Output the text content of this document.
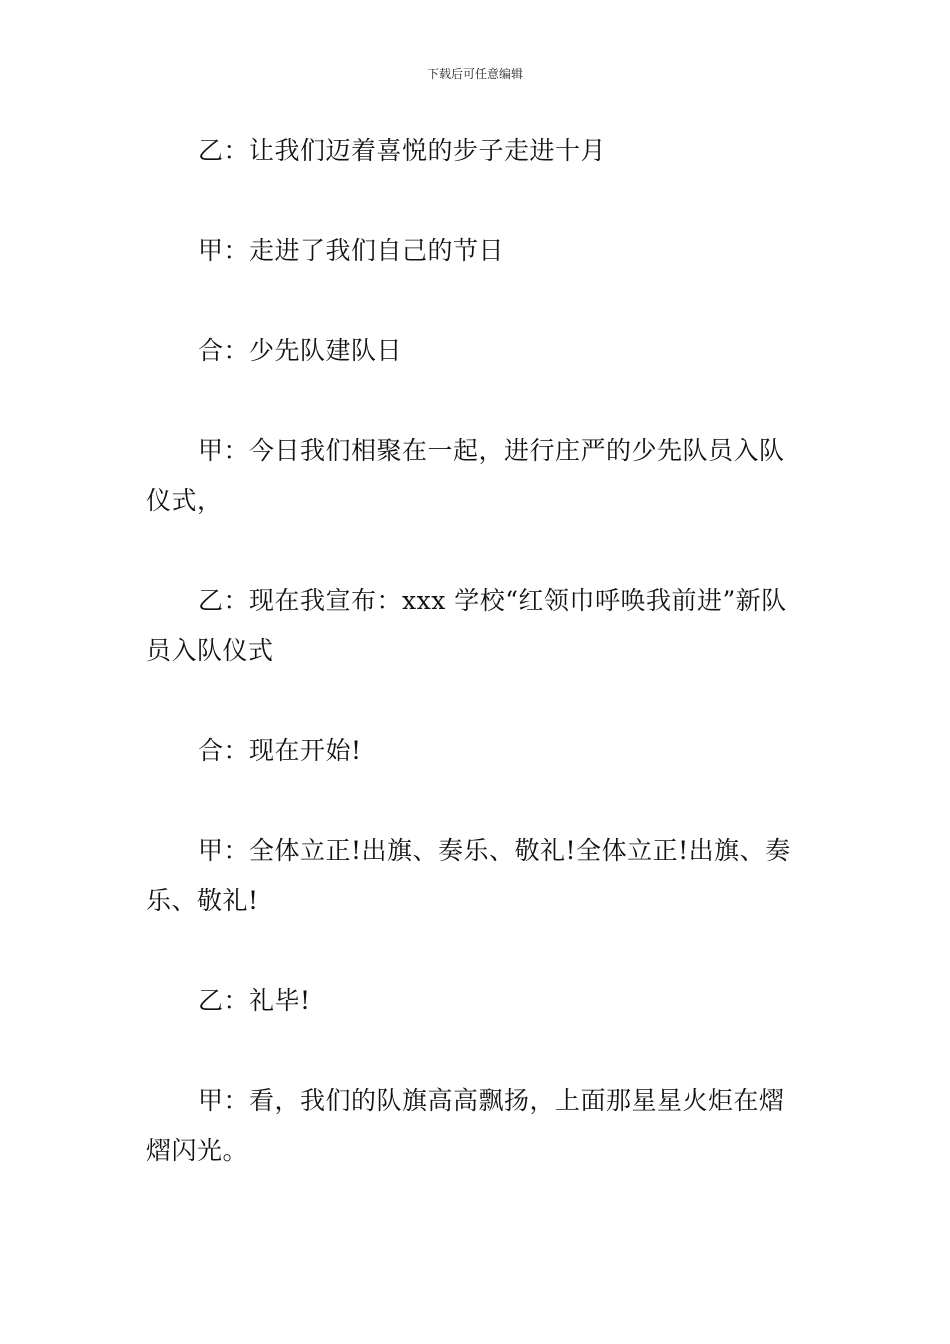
下载后可任意编辑

乙：让我们迈着喜悦的步子走进十月

甲：走进了我们自己的节日

合：少先队建队日

甲：今日我们相聚在一起，进行庄严的少先队员入队仪式，

乙：现在我宣布：xxx 学校“红领巾呼唤我前进”新队员入队仪式

合：现在开始!

甲：全体立正!出旗、奏乐、敬礼!全体立正!出旗、奏乐、敬礼!

乙：礼毕!

甲：看，我们的队旗高高飘扬，上面那星星火炬在熠熠闪光。
